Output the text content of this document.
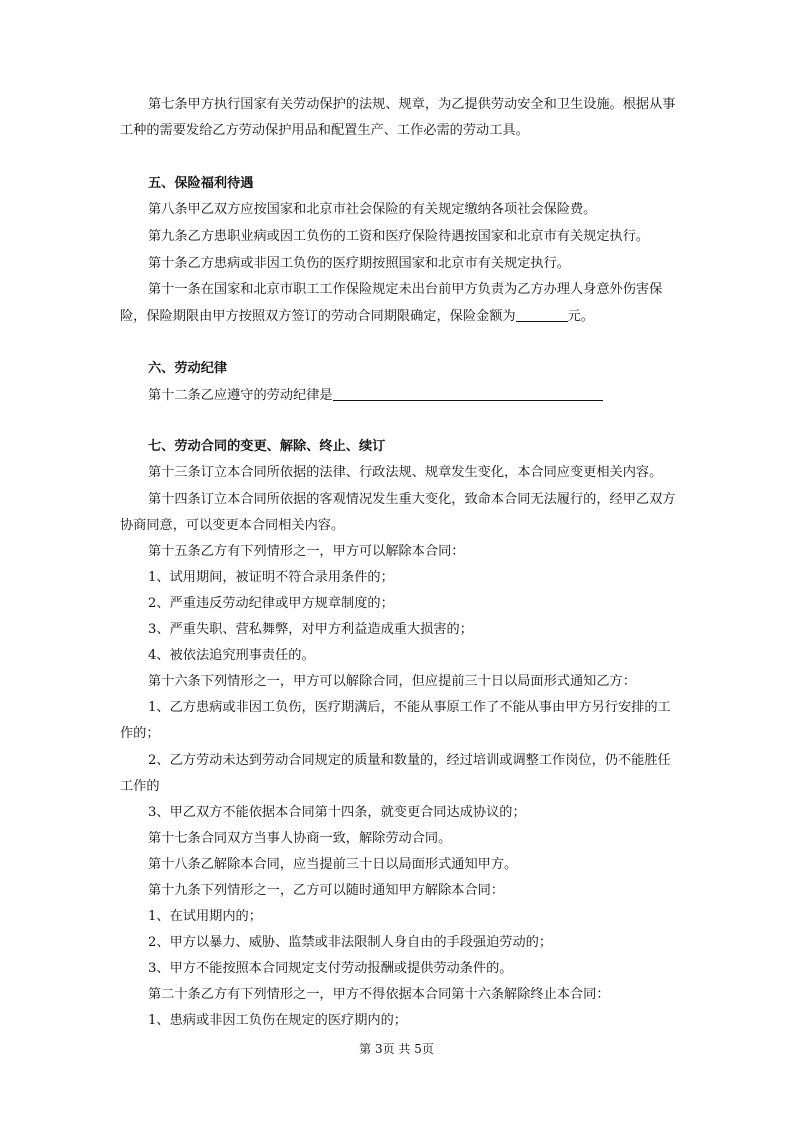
第七条甲方执行国家有关劳动保护的法规、规章，为乙提供劳动安全和卫生设施。根据从事
工种的需要发给乙方劳动保护用品和配置生产、工作必需的劳动工具。
五、保险福利待遇
第八条甲乙双方应按国家和北京市社会保险的有关规定缴纳各项社会保险费。
第九条乙方患职业病或因工负伤的工资和医疗保险待遇按国家和北京市有关规定执行。
第十条乙方患病或非因工负伤的医疗期按照国家和北京市有关规定执行。
第十一条在国家和北京市职工工作保险规定未出台前甲方负责为乙方办理人身意外伤害保
险，保险期限由甲方按照双方签订的劳动合同期限确定，保险金额为	元。
六、劳动纪律
第十二条乙应遵守的劳动纪律是
七、劳动合同的变更、解除、终止、续订
第十三条订立本合同所依据的法律、行政法规、规章发生变化，本合同应变更相关内容。
第十四条订立本合同所依据的客观情况发生重大变化，致命本合同无法履行的，经甲乙双方
协商同意，可以变更本合同相关内容。
第十五条乙方有下列情形之一，甲方可以解除本合同：
1、试用期间，被证明不符合录用条件的；
2、严重违反劳动纪律或甲方规章制度的；
3、严重失职、营私舞弊，对甲方利益造成重大损害的；
4、被依法追究刑事责任的。
第十六条下列情形之一，甲方可以解除合同，但应提前三十日以局面形式通知乙方：
1、乙方患病或非因工负伤，医疗期满后，不能从事原工作了不能从事由甲方另行安排的工
作的；
2、乙方劳动未达到劳动合同规定的质量和数量的，经过培训或调整工作岗位，仍不能胜任
工作的
3、甲乙双方不能依据本合同第十四条，就变更合同达成协议的；
第十七条合同双方当事人协商一致，解除劳动合同。
第十八条乙解除本合同，应当提前三十日以局面形式通知甲方。
第十九条下列情形之一，乙方可以随时通知甲方解除本合同：
1、在试用期内的；
2、甲方以暴力、威胁、监禁或非法限制人身自由的手段强迫劳动的；
3、甲方不能按照本合同规定支付劳动报酬或提供劳动条件的。
第二十条乙方有下列情形之一，甲方不得依据本合同第十六条解除终止本合同：
1、患病或非因工负伤在规定的医疗期内的；
第 3页 共 5页
